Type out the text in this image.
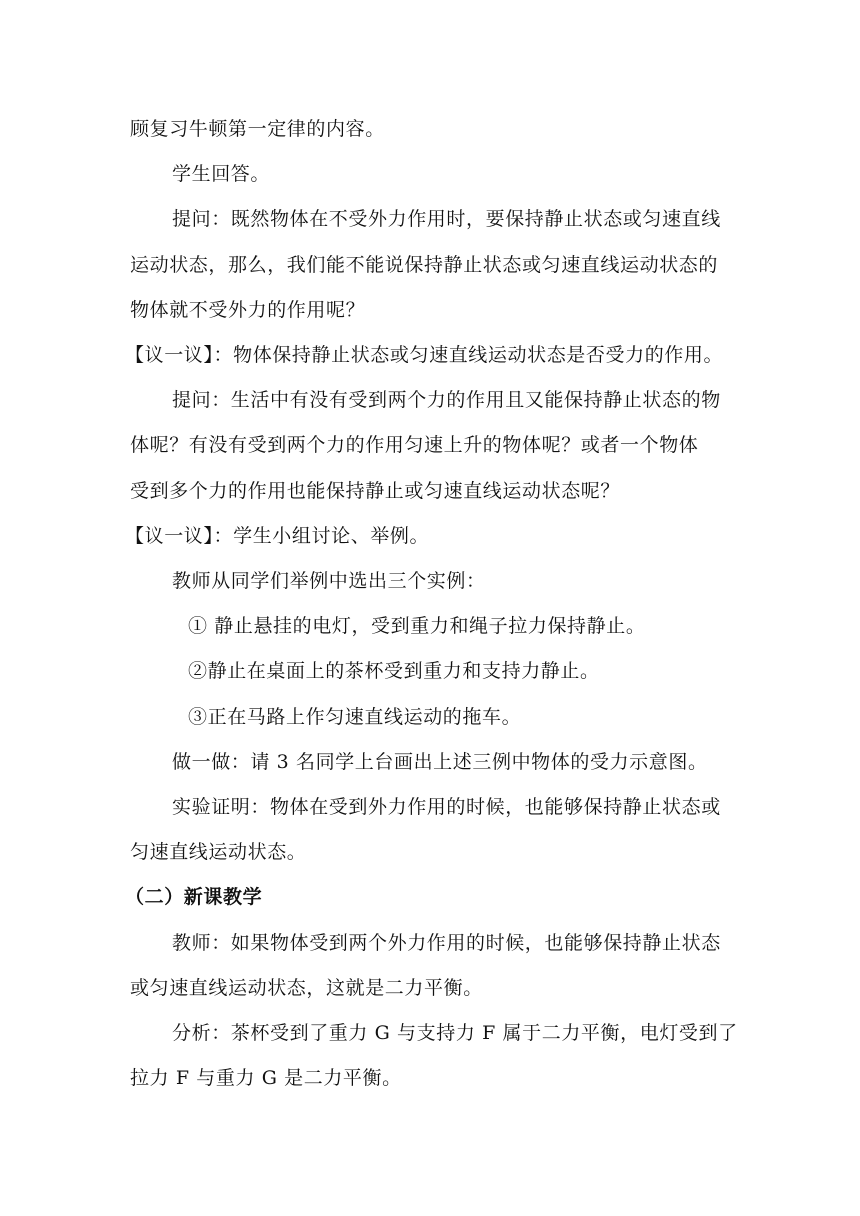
顾复习牛顿第一定律的内容。
学生回答。
提问：既然物体在不受外力作用时，要保持静止状态或匀速直线
运动状态，那么，我们能不能说保持静止状态或匀速直线运动状态的
物体就不受外力的作用呢？
【议一议】：物体保持静止状态或匀速直线运动状态是否受力的作用。
提问：生活中有没有受到两个力的作用且又能保持静止状态的物
体呢？有没有受到两个力的作用匀速上升的物体呢？或者一个物体
受到多个力的作用也能保持静止或匀速直线运动状态呢？
【议一议】：学生小组讨论、举例。
教师从同学们举例中选出三个实例：
① 静止悬挂的电灯，受到重力和绳子拉力保持静止。
②静止在桌面上的茶杯受到重力和支持力静止。
③正在马路上作匀速直线运动的拖车。
做一做：请 3 名同学上台画出上述三例中物体的受力示意图。
实验证明：物体在受到外力作用的时候，也能够保持静止状态或
匀速直线运动状态。
（二）新课教学
教师：如果物体受到两个外力作用的时候，也能够保持静止状态
或匀速直线运动状态，这就是二力平衡。
分析：茶杯受到了重力 G 与支持力 F 属于二力平衡，电灯受到了
拉力 F 与重力 G 是二力平衡。
